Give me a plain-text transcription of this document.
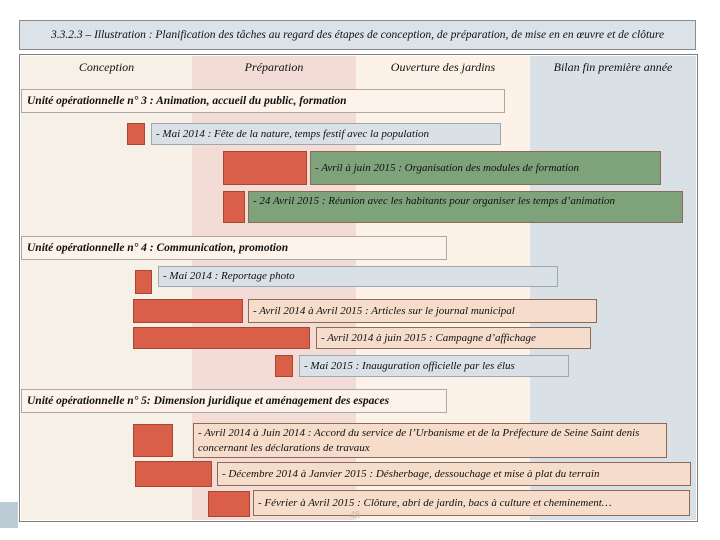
3.3.2.3 – Illustration : Planification des tâches au regard des étapes de conception, de préparation, de mise en en œuvre et de clôture
Conception	Préparation	Ouverture des jardins	Bilan fin première année
Unité opérationnelle n° 3 : Animation, accueil du public, formation
- Mai 2014 : Fête de la nature, temps festif avec la population
- Avril à juin 2015 : Organisation des modules de formation
- 24 Avril 2015 : Réunion avec les habitants pour organiser les temps d’animation
Unité opérationnelle n° 4 : Communication, promotion
- Mai 2014 : Reportage photo
- Avril 2014 à Avril 2015 : Articles sur le journal municipal
- Avril 2014 à juin 2015 : Campagne d’affichage
- Mai 2015 : Inauguration officielle par les élus
Unité opérationnelle n° 5: Dimension juridique et aménagement des espaces
- Avril 2014 à Juin 2014 : Accord du service de l’Urbanisme et de la Préfecture de Seine Saint denis concernant les déclarations de travaux
- Décembre 2014 à Janvier 2015 : Désherbage, dessouchage et mise à plat du terrain
- Février à Avril 2015 : Clôture, abri de jardin, bacs à culture et cheminement…
48
